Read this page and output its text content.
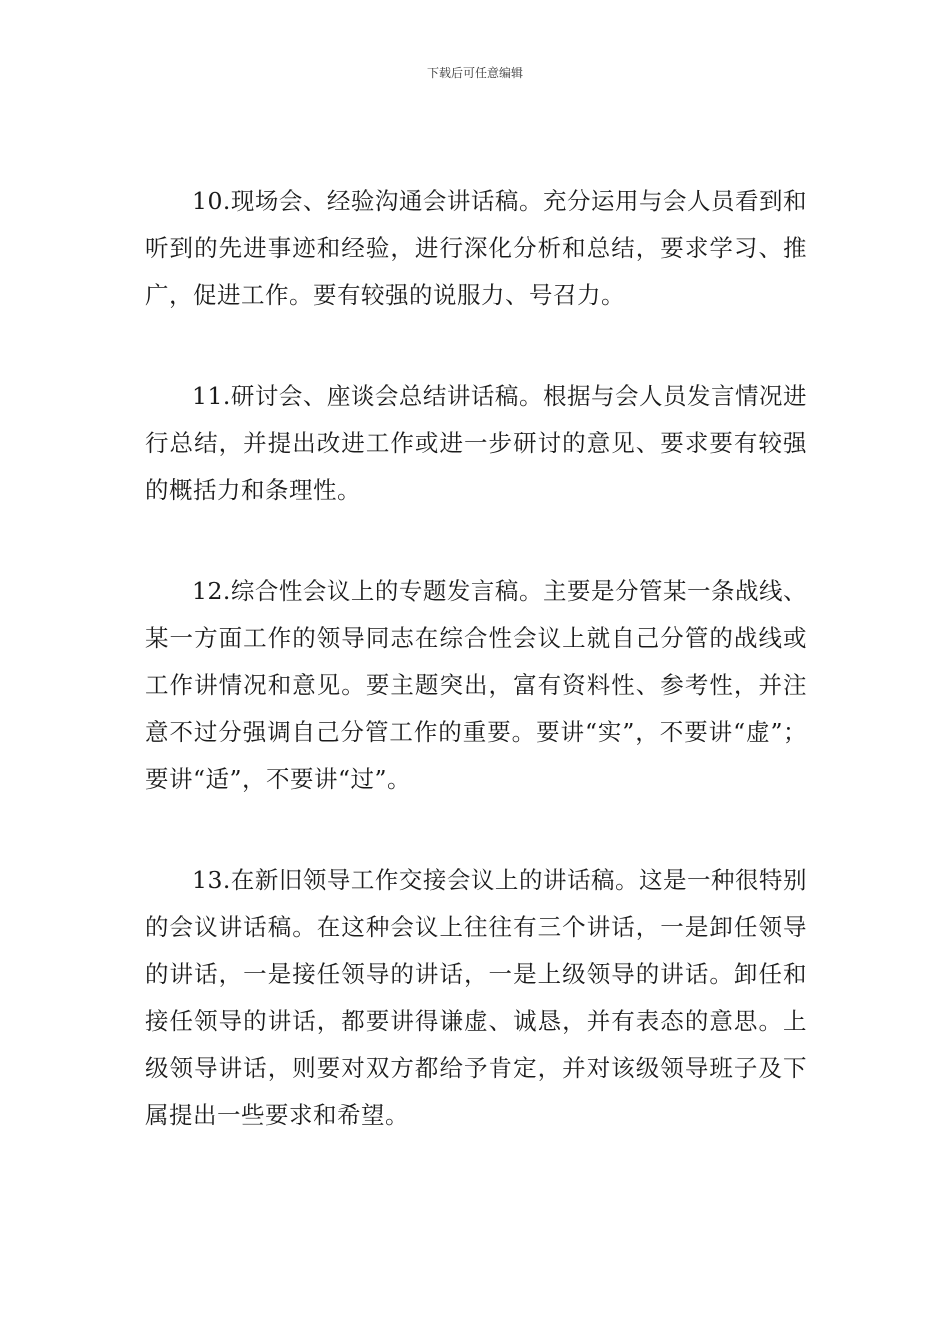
下载后可任意编辑

10.现场会、经验沟通会讲话稿。充分运用与会人员看到和听到的先进事迹和经验，进行深化分析和总结，要求学习、推广，促进工作。要有较强的说服力、号召力。

11.研讨会、座谈会总结讲话稿。根据与会人员发言情况进行总结，并提出改进工作或进一步研讨的意见、要求要有较强的概括力和条理性。

12.综合性会议上的专题发言稿。主要是分管某一条战线、某一方面工作的领导同志在综合性会议上就自己分管的战线或工作讲情况和意见。要主题突出，富有资料性、参考性，并注意不过分强调自己分管工作的重要。要讲“实”，不要讲“虚”；要讲“适”，不要讲“过”。

13.在新旧领导工作交接会议上的讲话稿。这是一种很特别的会议讲话稿。在这种会议上往往有三个讲话，一是卸任领导的讲话，一是接任领导的讲话，一是上级领导的讲话。卸任和接任领导的讲话，都要讲得谦虚、诚恳，并有表态的意思。上级领导讲话，则要对双方都给予肯定，并对该级领导班子及下属提出一些要求和希望。
